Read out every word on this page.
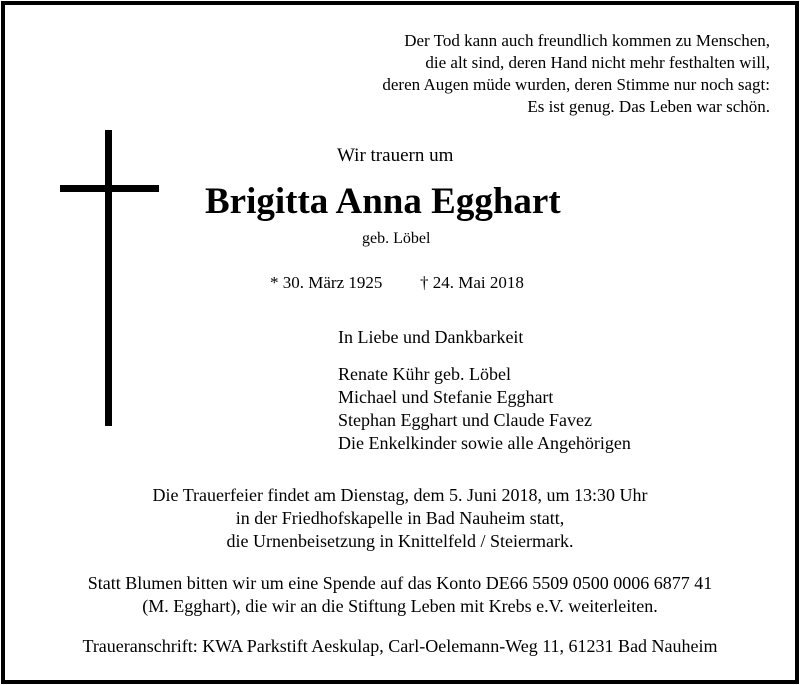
Der Tod kann auch freundlich kommen zu Menschen,
die alt sind, deren Hand nicht mehr festhalten will,
deren Augen müde wurden, deren Stimme nur noch sagt:
Es ist genug. Das Leben war schön.
Wir trauern um
Brigitta Anna Egghart
geb. Löbel
* 30. März 1925 † 24. Mai 2018
In Liebe und Dankbarkeit
Renate Kühr geb. Löbel
Michael und Stefanie Egghart
Stephan Egghart und Claude Favez
Die Enkelkinder sowie alle Angehörigen
Die Trauerfeier findet am Dienstag, dem 5. Juni 2018, um 13:30 Uhr
in der Friedhofskapelle in Bad Nauheim statt,
die Urnenbeisetzung in Knittelfeld / Steiermark.
Statt Blumen bitten wir um eine Spende auf das Konto DE66 5509 0500 0006 6877 41
(M. Egghart), die wir an die Stiftung Leben mit Krebs e.V. weiterleiten.
Traueranschrift: KWA Parkstift Aeskulap, Carl-Oelemann-Weg 11, 61231 Bad Nauheim
